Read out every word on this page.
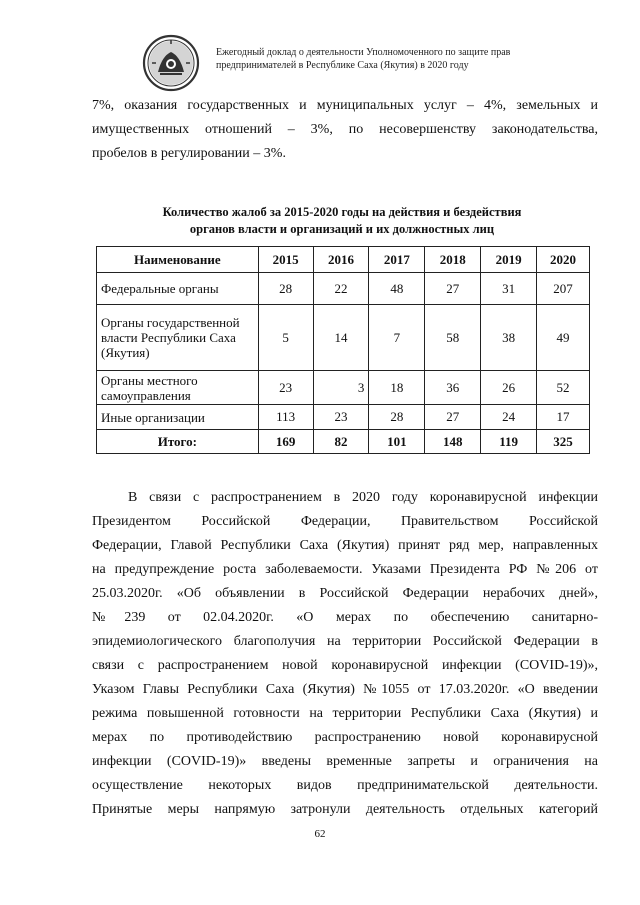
Ежегодный доклад о деятельности Уполномоченного по защите прав
предпринимателей в Республике Саха (Якутия) в 2020 году
7%, оказания государственных и муниципальных услуг – 4%, земельных и
имущественных отношений – 3%, по несовершенству законодательства,
пробелов в регулировании – 3%.
Количество жалоб за 2015-2020 годы на действия и бездействия
органов власти и организаций и их должностных лиц
Наименование	2015	2016	2017	2018	2019	2020
Федеральные органы	28	22	48	27	31	207
Органы государственной власти Республики Саха (Якутия)	5	14	7	58	38	49
Органы местного самоуправления	23	3	18	36	26	52
Иные организации	113	23	28	27	24	17
Итого:	169	82	101	148	119	325
В связи с распространением в 2020 году коронавирусной инфекции
Президентом Российской Федерации, Правительством Российской
Федерации, Главой Республики Саха (Якутия) принят ряд мер, направленных
на предупреждение роста заболеваемости. Указами Президента РФ №206 от
25.03.2020г. «Об объявлении в Российской Федерации нерабочих дней»,
№239 от 02.04.2020г. «О мерах по обеспечению санитарно-
эпидемиологического благополучия на территории Российской Федерации в
связи с распространением новой коронавирусной инфекции (COVID-19)»,
Указом Главы Республики Саха (Якутия) №1055 от 17.03.2020г. «О введении
режима повышенной готовности на территории Республики Саха (Якутия) и
мерах по противодействию распространению новой коронавирусной
инфекции (COVID-19)» введены временные запреты и ограничения на
осуществление некоторых видов предпринимательской деятельности.
Принятые меры напрямую затронули деятельность отдельных категорий
62
